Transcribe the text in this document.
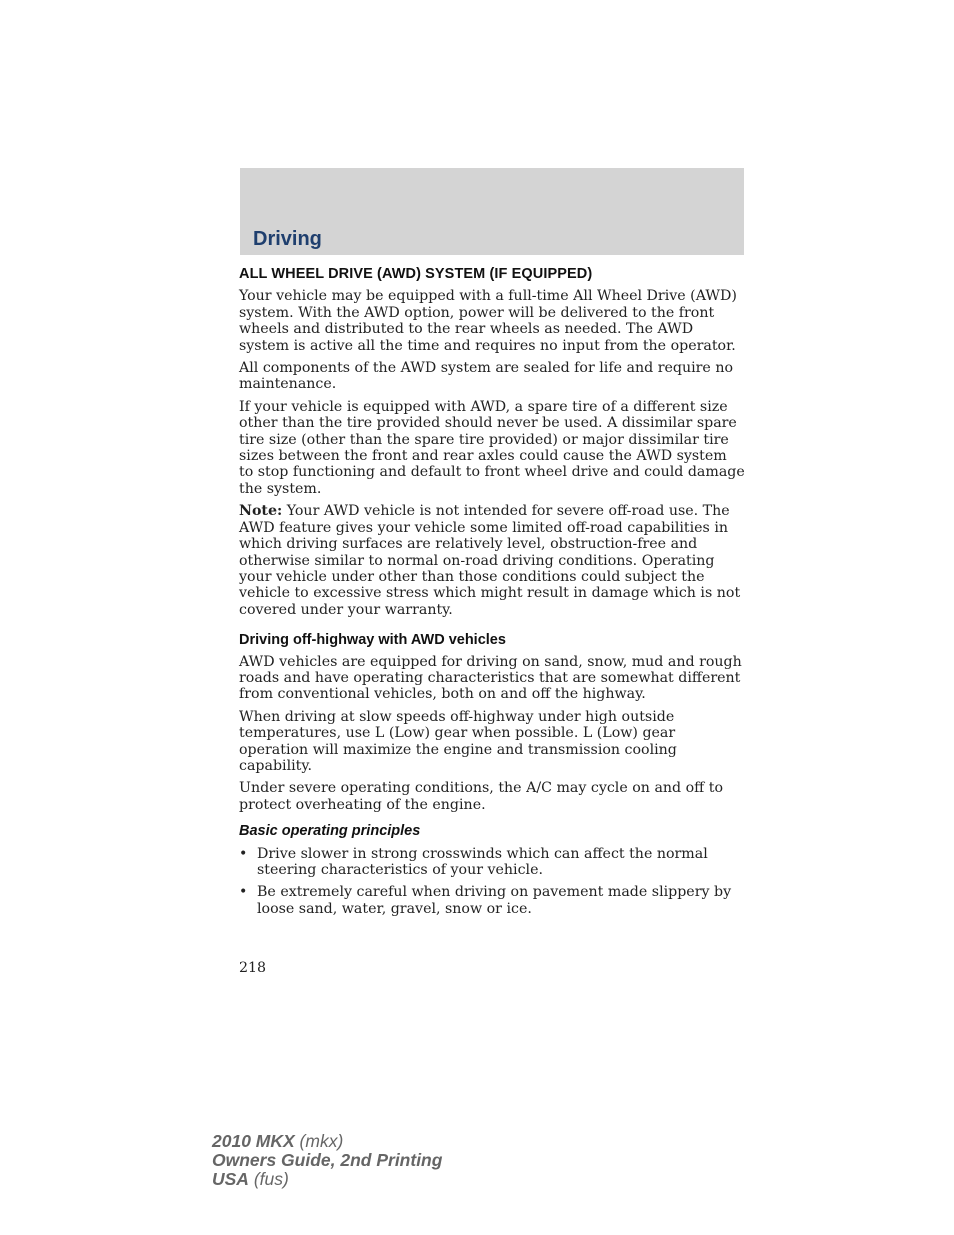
Driving
ALL WHEEL DRIVE (AWD) SYSTEM (IF EQUIPPED)

Your vehicle may be equipped with a full-time All Wheel Drive (AWD) system. With the AWD option, power will be delivered to the front wheels and distributed to the rear wheels as needed. The AWD system is active all the time and requires no input from the operator.

All components of the AWD system are sealed for life and require no maintenance.

If your vehicle is equipped with AWD, a spare tire of a different size other than the tire provided should never be used. A dissimilar spare tire size (other than the spare tire provided) or major dissimilar tire sizes between the front and rear axles could cause the AWD system to stop functioning and default to front wheel drive and could damage the system.

Note: Your AWD vehicle is not intended for severe off-road use. The AWD feature gives your vehicle some limited off-road capabilities in which driving surfaces are relatively level, obstruction-free and otherwise similar to normal on-road driving conditions. Operating your vehicle under other than those conditions could subject the vehicle to excessive stress which might result in damage which is not covered under your warranty.

Driving off-highway with AWD vehicles

AWD vehicles are equipped for driving on sand, snow, mud and rough roads and have operating characteristics that are somewhat different from conventional vehicles, both on and off the highway.

When driving at slow speeds off-highway under high outside temperatures, use L (Low) gear when possible. L (Low) gear operation will maximize the engine and transmission cooling capability.

Under severe operating conditions, the A/C may cycle on and off to protect overheating of the engine.

Basic operating principles
• Drive slower in strong crosswinds which can affect the normal steering characteristics of your vehicle.
• Be extremely careful when driving on pavement made slippery by loose sand, water, gravel, snow or ice.
218
2010 MKX (mkx)
Owners Guide, 2nd Printing
USA (fus)
